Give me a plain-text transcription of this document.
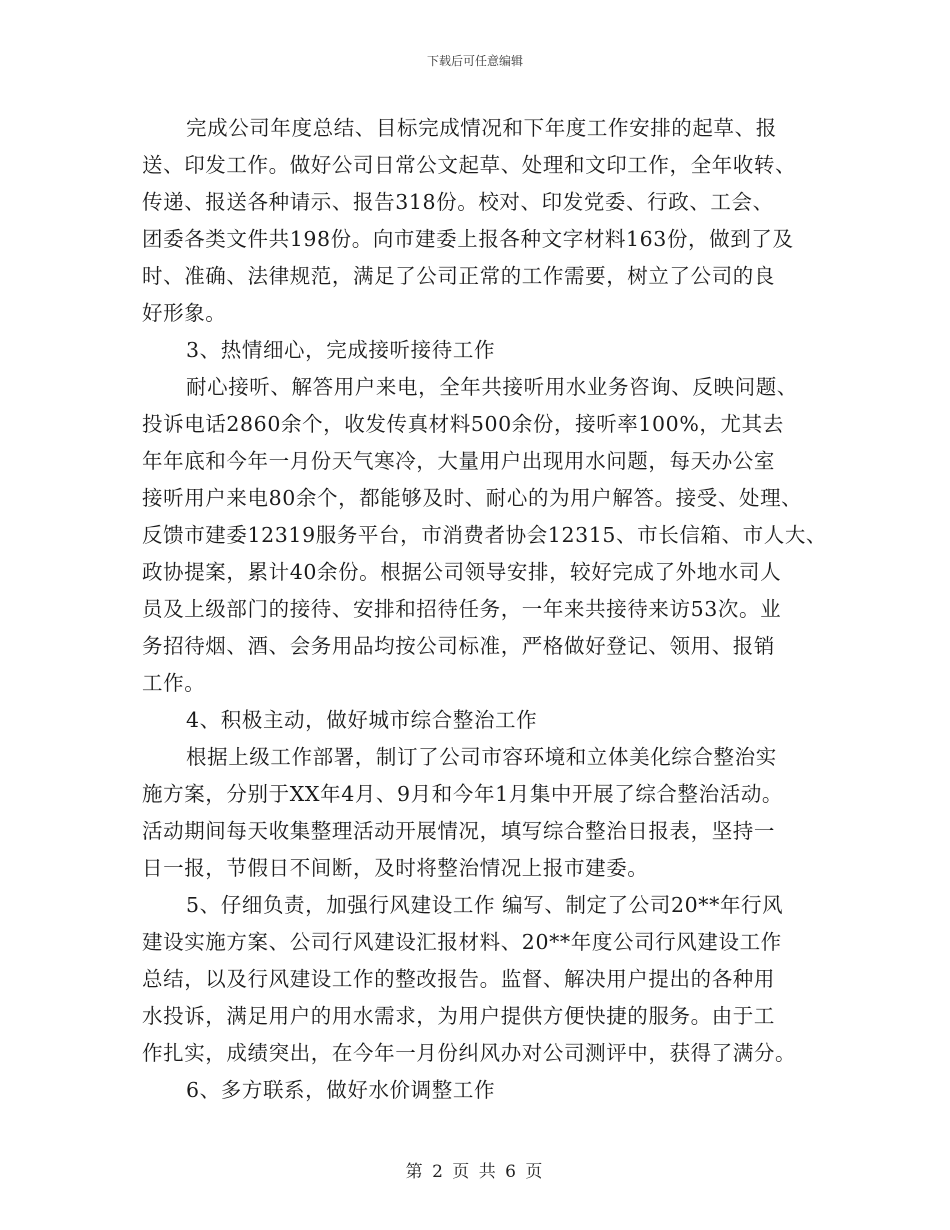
下载后可任意编辑
完成公司年度总结、目标完成情况和下年度工作安排的起草、报
送、印发工作。做好公司日常公文起草、处理和文印工作，全年收转、
传递、报送各种请示、报告318份。校对、印发党委、行政、工会、
团委各类文件共198份。向市建委上报各种文字材料163份，做到了及
时、准确、法律规范，满足了公司正常的工作需要，树立了公司的良
好形象。
3、热情细心，完成接听接待工作
耐心接听、解答用户来电，全年共接听用水业务咨询、反映问题、
投诉电话2860余个，收发传真材料500余份，接听率100%，尤其去
年年底和今年一月份天气寒冷，大量用户出现用水问题，每天办公室
接听用户来电80余个，都能够及时、耐心的为用户解答。接受、处理、
反馈市建委12319服务平台，市消费者协会12315、市长信箱、市人大、
政协提案，累计40余份。根据公司领导安排，较好完成了外地水司人
员及上级部门的接待、安排和招待任务，一年来共接待来访53次。业
务招待烟、酒、会务用品均按公司标准，严格做好登记、领用、报销
工作。
4、积极主动，做好城市综合整治工作
根据上级工作部署，制订了公司市容环境和立体美化综合整治实
施方案，分别于XX年4月、9月和今年1月集中开展了综合整治活动。
活动期间每天收集整理活动开展情况，填写综合整治日报表，坚持一
日一报，节假日不间断，及时将整治情况上报市建委。
5、仔细负责，加强行风建设工作 编写、制定了公司20**年行风
建设实施方案、公司行风建设汇报材料、20**年度公司行风建设工作
总结，以及行风建设工作的整改报告。监督、解决用户提出的各种用
水投诉，满足用户的用水需求，为用户提供方便快捷的服务。由于工
作扎实，成绩突出，在今年一月份纠风办对公司测评中，获得了满分。
6、多方联系，做好水价调整工作
第 2 页 共 6 页
